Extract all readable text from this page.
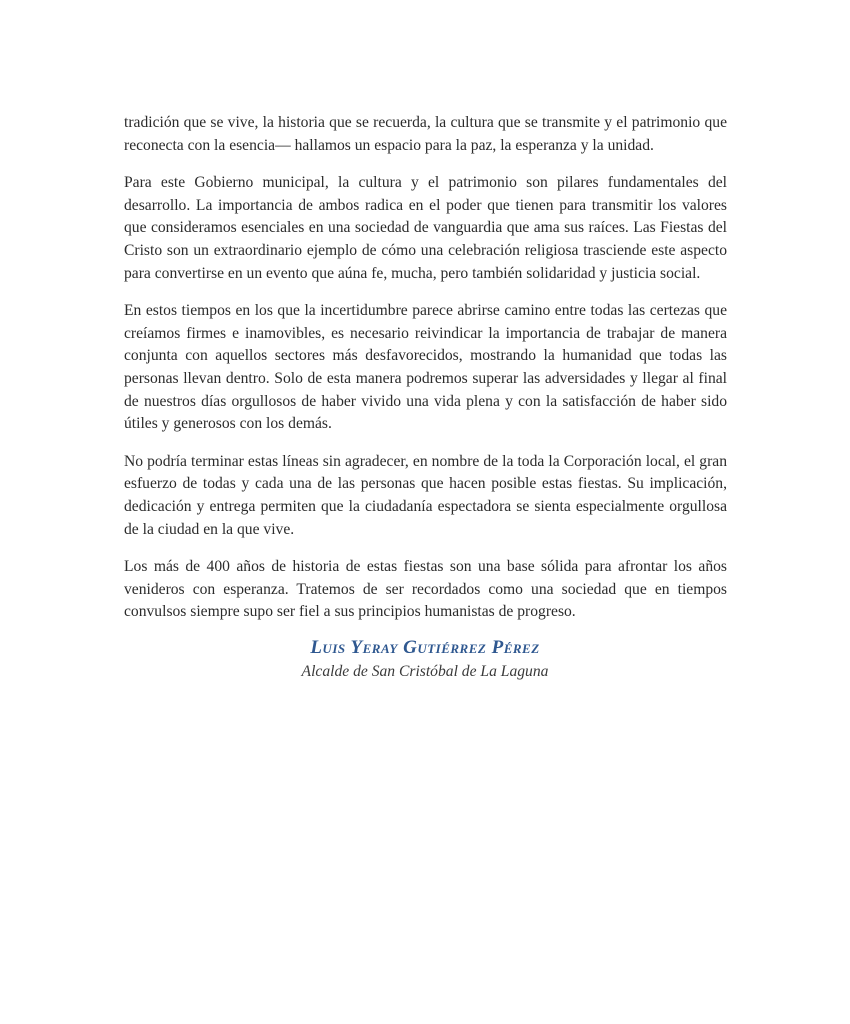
tradición que se vive, la historia que se recuerda, la cultura que se transmite y el patrimonio que reconecta con la esencia— hallamos un espacio para la paz, la esperanza y la unidad.

Para este Gobierno municipal, la cultura y el patrimonio son pilares fundamentales del desarrollo. La importancia de ambos radica en el poder que tienen para transmitir los valores que consideramos esenciales en una sociedad de vanguardia que ama sus raíces. Las Fiestas del Cristo son un extraordinario ejemplo de cómo una celebración religiosa trasciende este aspecto para convertirse en un evento que aúna fe, mucha, pero también solidaridad y justicia social.

En estos tiempos en los que la incertidumbre parece abrirse camino entre todas las certezas que creíamos firmes e inamovibles, es necesario reivindicar la importancia de trabajar de manera conjunta con aquellos sectores más desfavorecidos, mostrando la humanidad que todas las personas llevan dentro. Solo de esta manera podremos superar las adversidades y llegar al final de nuestros días orgullosos de haber vivido una vida plena y con la satisfacción de haber sido útiles y generosos con los demás.

No podría terminar estas líneas sin agradecer, en nombre de la toda la Corporación local, el gran esfuerzo de todas y cada una de las personas que hacen posible estas fiestas. Su implicación, dedicación y entrega permiten que la ciudadanía espectadora se sienta especialmente orgullosa de la ciudad en la que vive.

Los más de 400 años de historia de estas fiestas son una base sólida para afrontar los años venideros con esperanza. Tratemos de ser recordados como una sociedad que en tiempos convulsos siempre supo ser fiel a sus principios humanistas de progreso.

Luis Yeray Gutiérrez Pérez
Alcalde de San Cristóbal de La Laguna
